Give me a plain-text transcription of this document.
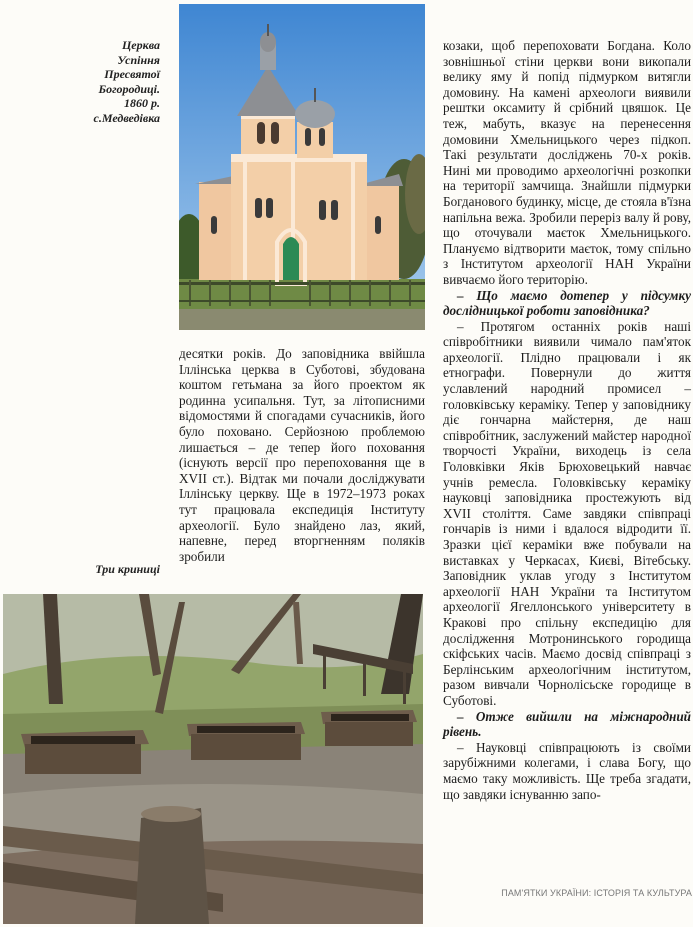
Церква
Успіння
Пресвятої
Богородиці.
1860 р.
с.Медведівка
Три криниці

десятки років. До заповідника ввійшла Іллінська церква в Суботові, збудована коштом гетьмана за його проектом як родинна усипальня. Тут, за літописними відомостями й спогадами сучасників, його було поховано. Серйозною проблемою лишається – де тепер його поховання (існують версії про перепоховання ще в XVII ст.). Відтак ми почали досліджувати Іллінську церкву. Ще в 1972–1973 роках тут працювала експедиція Інституту археології. Було знайдено лаз, який, напевне, перед вторгненням поляків зробили

козаки, щоб перепоховати Богдана. Коло зовнішньої стіни церкви вони викопали велику яму й попід підмурком витягли домовину. На камені археологи виявили рештки оксамиту й срібний цвяшок. Це теж, мабуть, вказує на перенесення домовини Хмельницького через підкоп. Такі результати досліджень 70-х років. Нині ми проводимо археологічні розкопки на території замчища. Знайшли підмурки Богданового будинку, місце, де стояла в'їзна напільна вежа. Зробили переріз валу й рову, що оточували маєток Хмельницького. Плануємо відтворити маєток, тому спільно з Інститутом археології НАН України вивчаємо його територію.

– Що маємо дотепер у підсумку дослідницької роботи заповідника?

– Протягом останніх років наші співробітники виявили чимало пам'яток археології. Плідно працювали і як етнографи. Повернули до життя уславлений народний промисел – головківську кераміку. Тепер у заповіднику діє гончарна майстерня, де наш співробітник, заслужений майстер народної творчості України, виходець із села Головківки Яків Брюховецький навчає учнів ремесла. Головківську кераміку науковці заповідника простежують від XVII століття. Саме завдяки співпраці гончарів із ними і вдалося відродити її. Зразки цієї кераміки вже побували на виставках у Черкасах, Києві, Вітебську. Заповідник уклав угоду з Інститутом археології НАН України та Інститутом археології Ягеллонського університету в Кракові про спільну експедицію для дослідження Мотронинського городища скіфських часів. Маємо досвід співпраці з Берлінським археологічним інститутом, разом вивчали Чорнолісьске городище в Суботові.

– Отже вийшли на міжнародний рівень.

– Науковці співпрацюють із своїми зарубіжними колегами, і слава Богу, що маємо таку можливість. Ще треба згадати, що завдяки існуванню запо-

ПАМ'ЯТКИ УКРАЇНИ: ІСТОРІЯ ТА КУЛЬТУРА
